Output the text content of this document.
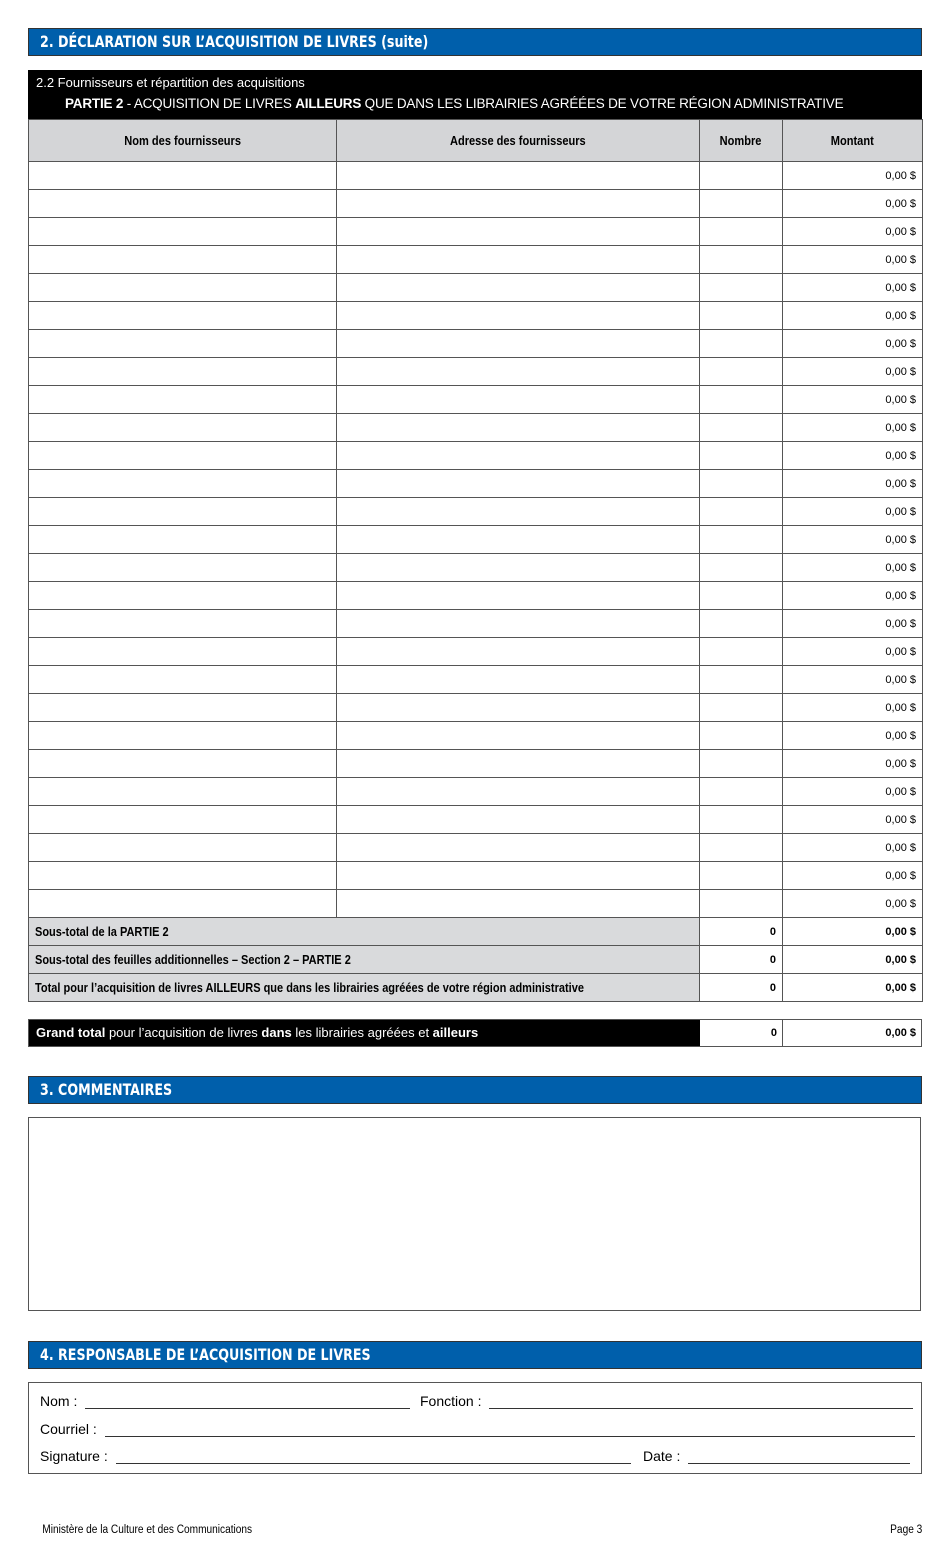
2. DÉCLARATION SUR L’ACQUISITION DE LIVRES (suite)
2.2 Fournisseurs et répartition des acquisitions
PARTIE 2 - ACQUISITION DE LIVRES AILLEURS QUE DANS LES LIBRAIRIES AGRÉÉES DE VOTRE RÉGION ADMINISTRATIVE
Nom des fournisseurs	Adresse des fournisseurs	Nombre	Montant
			0,00 $
			0,00 $
			0,00 $
			0,00 $
			0,00 $
			0,00 $
			0,00 $
			0,00 $
			0,00 $
			0,00 $
			0,00 $
			0,00 $
			0,00 $
			0,00 $
			0,00 $
			0,00 $
			0,00 $
			0,00 $
			0,00 $
			0,00 $
			0,00 $
			0,00 $
			0,00 $
			0,00 $
			0,00 $
			0,00 $
			0,00 $
Sous-total de la PARTIE 2		0	0,00 $
Sous-total des feuilles additionnelles – Section 2 – PARTIE 2		0	0,00 $
Total pour l’acquisition de livres AILLEURS que dans les librairies agréées de votre région administrative		0	0,00 $
Grand total pour l’acquisition de livres dans les librairies agréées et ailleurs	0	0,00 $
3. COMMENTAIRES
4. RESPONSABLE DE L’ACQUISITION DE LIVRES
Nom :	Fonction :
Courriel :
Signature :	Date :
Ministère de la Culture et des Communications	Page 3
